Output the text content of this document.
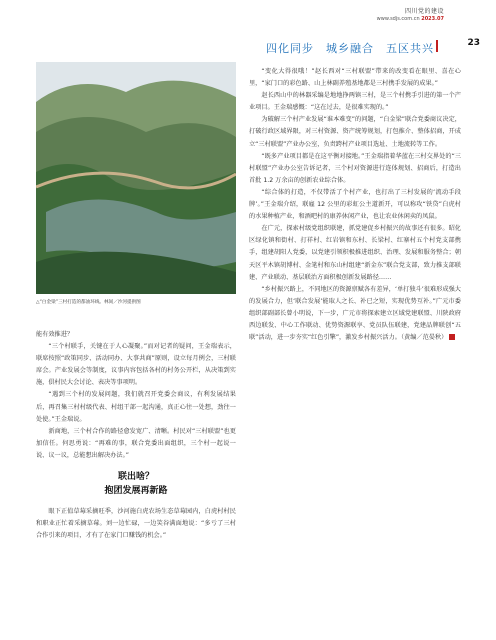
四川党的建设
www.sdjs.com.cn 2023.07
四化同步　城乡融合　五区共兴	23
△“白金梁”三村打造的都油环线。林间／沙河提供图

能有效推进？

“三个村联手，关键在于人心凝聚。”而对记者的疑问，王金瑞表示，联席按照“政策同步、活动同办、大事共商”原则，设立每月例会，三村联席会。产业发展会等制度，议事内容包括各村的村务公开栏，从决策到实施，俱村民大会讨论、表决等事项明。

“遇到三个村的发展问题，我们就召开党委会商议，有利发展结果后，再召集三村村级代表、村组干部一起沟通，真正心往一处想，劲往一处使。”王金瑞说。

新商地，三个村合作的路径愈发宽广、清晰。村民对“三村联盟”也更加信任。何思勇说：“再难的事，联合党委出面组织，三个村一起说一说、议一议，总能想出解决办法。”

联出啥？
抱团发展再新路

眼下正值草莓采摘旺季，沙河施白虎农场生态草莓园内，白虎村村民和职业正忙着采摘草莓。刘一边忙碌，一边笑谷满面地说：“多亏了三村合作引来的项目，才有了在家门口赚钱的机会。”

“变化大得很哦！”赵长西对“三村联盟”带来的改变看在眼里、喜在心里，“家门口的彩色路、山上林副养殖基地都是三村携手发展的成果。”

赵长西山中的林器采编是地地挣两镇三村，是三个村携手引进的第一个产业项目。王金瑞感慨：“这在过去，是很难实现的。”

为破解三个村产业发展“谁本难变”的问题，“白金梁”联合党委商议决定，打破行政区域界限，对三村资源、资产统筹规划，打包推介、整体招商，开成立“三村联盟”产业办公室，负责跨村产业项目选址、土地流转等工作。

“既多产业项目都是在这平衡对接地。”王金瑞指着华蓝在三村交界处的“三村联盟”产业办公室告诉记者，三个村对资源进行连体规划、招商后，打造出首批 1.2 万余亩的创新农业综合体。

“综合体的打造，不仅带活了个村产业，也打出了三村发展的‘流动手段牌’。”王金瑞介绍，联雇 12 公里的彩虹公主道新开，可以称攻“铁贷”白虎村的水果种植产业，和酒吧村的康养休闲产业，也让农业休闲卖的凤鼠。

在广元，探索村级党组织联建，抓党建促乡村振兴的故事还有很多。昭化区绿化镇和街村、打祥村、红岩镇和东村、长梁村、红寨村五个村党支部携手，组建胡阳人党委，以党建引领积极推进组织、治理、发展和服务整合；朝天区平木镇胡博村、金笔村和东山村组建“新金东”联合党支部，致力推支部联建、产业联动、基层联治方面积极创新发展路径……

“乡村振兴路上，不同地区的资源禀赋各有差异，‘单打独斗’很难形成强大的发展合力，但‘联合发展’能取人之长、补已之短，实现优势互补。”广元市委组织部副部长曾小明说，下一步，广元市将探索建立区域党建联盟、川陕政府西边联发、中心工作联动、优势资源联享、党员队伍联建，党建品牌联创“五联”活动，进一步夯实“红色引擎”，激发乡村振兴活力。（黄编／范晏秋）
